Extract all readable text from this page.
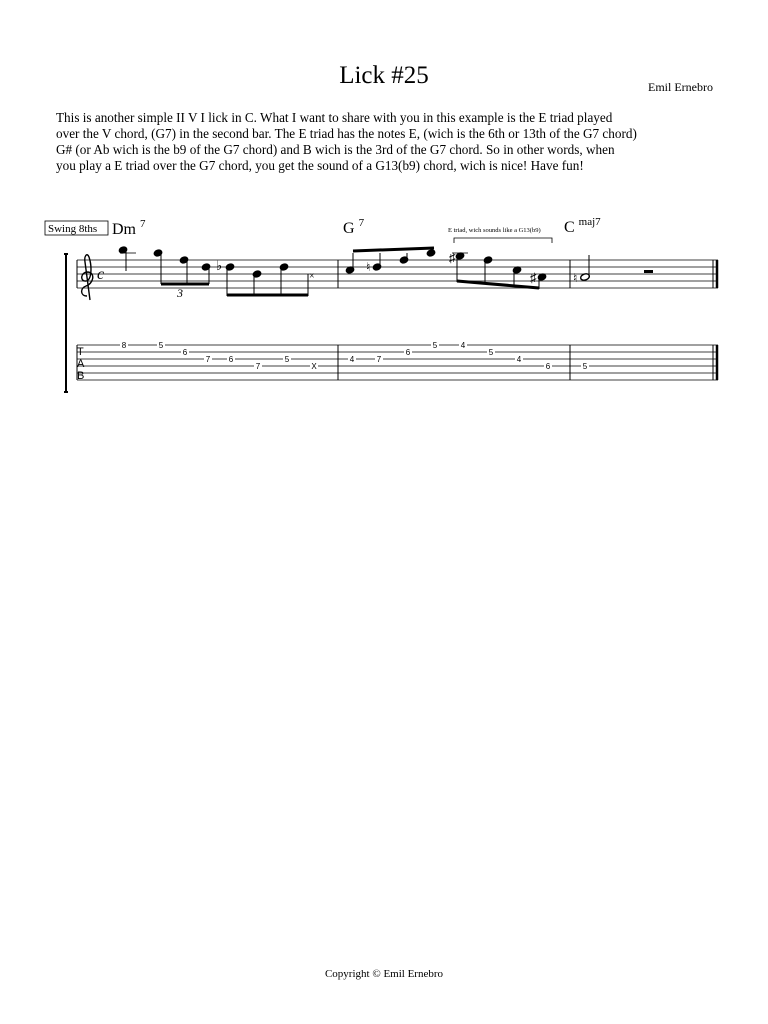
Lick #25	Emil Ernebro
This is another simple II V I lick in C. What I want to share with you in this example is the E triad played
over the V chord, (G7) in the second bar. The E triad has the notes E, (wich is the 6th or 13th of the G7 chord)
G# (or Ab wich is the b9 of the G7 chord) and B wich is the 3rd of the G7 chord. So in other words, when
you play a E triad over the G7 chord, you get the sound of a G13(b9) chord, wich is nice! Have fun!
Swing 8ths Dm $^7$	G $^7$	C $^{maj7}$
E triad, wich sounds like a G13(b9)
c
3
♭
×
♮
♯
♯	♮
T
A
B
8	5
6
7 6
7
5
X
4	7
6
5	4
5
4
6	5
Copyright © Emil Ernebro
